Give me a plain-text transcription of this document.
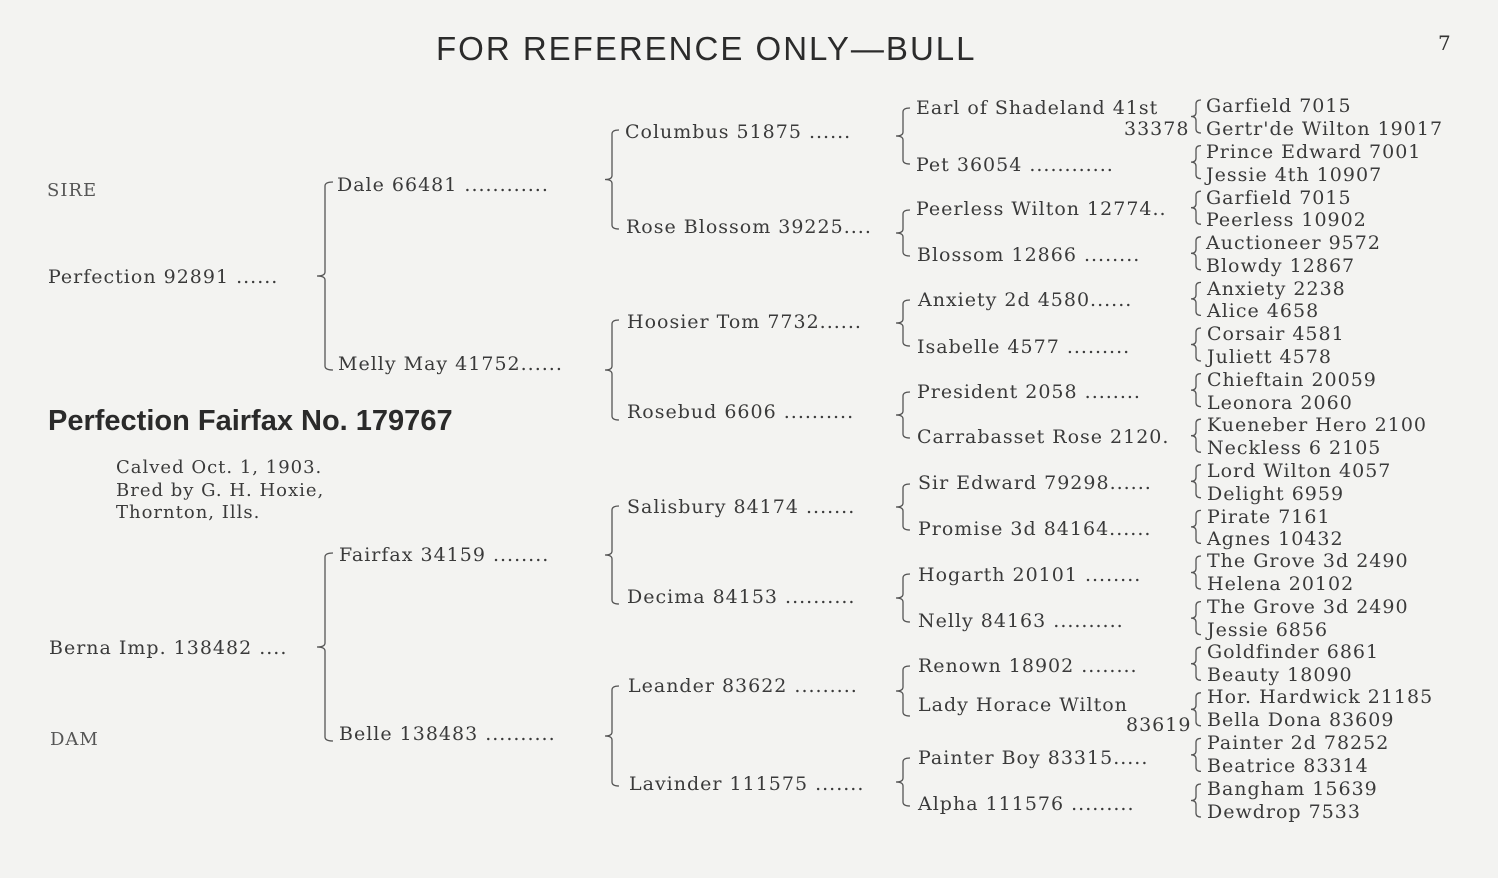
FOR REFERENCE ONLY—BULL	7
SIRE
DAM
Perfection 92891 ......
Berna Imp. 138482 ....
Perfection Fairfax No. 179767
Calved Oct. 1, 1903.
Bred by G. H. Hoxie,
Thornton, Ills.
Dale 66481 ............
Melly May 41752......
Fairfax 34159 ........
Belle 138483 ..........
Columbus 51875 ......
Rose Blossom 39225....
Hoosier Tom 7732......
Rosebud 6606 ..........
Salisbury 84174 .......
Decima 84153 ..........
Leander 83622 .........
Lavinder 111575 .......
Earl of Shadeland 41st
33378
Pet 36054 ............
Peerless Wilton 12774..
Blossom 12866 ........
Anxiety 2d 4580......
Isabelle 4577 .........
President 2058 ........
Carrabasset Rose 2120.
Sir Edward 79298......
Promise 3d 84164......
Hogarth 20101 ........
Nelly 84163 ..........
Renown 18902 ........
Lady Horace Wilton
83619
Painter Boy 83315.....
Alpha 111576 .........
Garfield 7015
Gertr'de Wilton 19017
Prince Edward 7001
Jessie 4th 10907
Garfield 7015
Peerless 10902
Auctioneer 9572
Blowdy 12867
Anxiety 2238
Alice 4658
Corsair 4581
Juliett 4578
Chieftain 20059
Leonora 2060
Kueneber Hero 2100
Neckless 6 2105
Lord Wilton 4057
Delight 6959
Pirate 7161
Agnes 10432
The Grove 3d 2490
Helena 20102
The Grove 3d 2490
Jessie 6856
Goldfinder 6861
Beauty 18090
Hor. Hardwick 21185
Bella Dona 83609
Painter 2d 78252
Beatrice 83314
Bangham 15639
Dewdrop 7533
